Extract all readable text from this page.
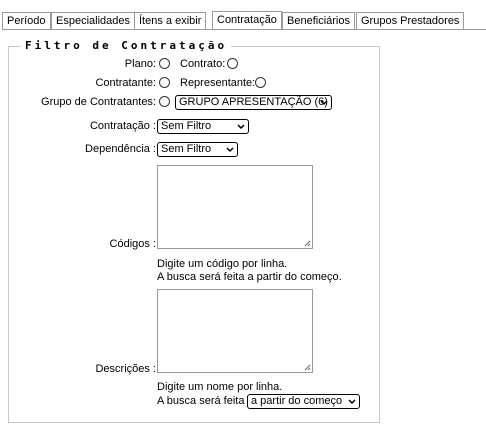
Período Especialidades Ítens a exibir	Contratação Beneficiários	Grupos Prestadores
Filtro de Contratação
Plano: Contrato:
Contratante: Representante:
Grupo de Contratantes:	GRUPO APRESENTAÇÃO (6)
Contratação : Sem Filtro
Dependência : Sem Filtro
Códigos :
Digite um código por linha.
A busca será feita a partir do começo.
Descrições :
Digite um nome por linha.
A busca será feita a partir do começo
